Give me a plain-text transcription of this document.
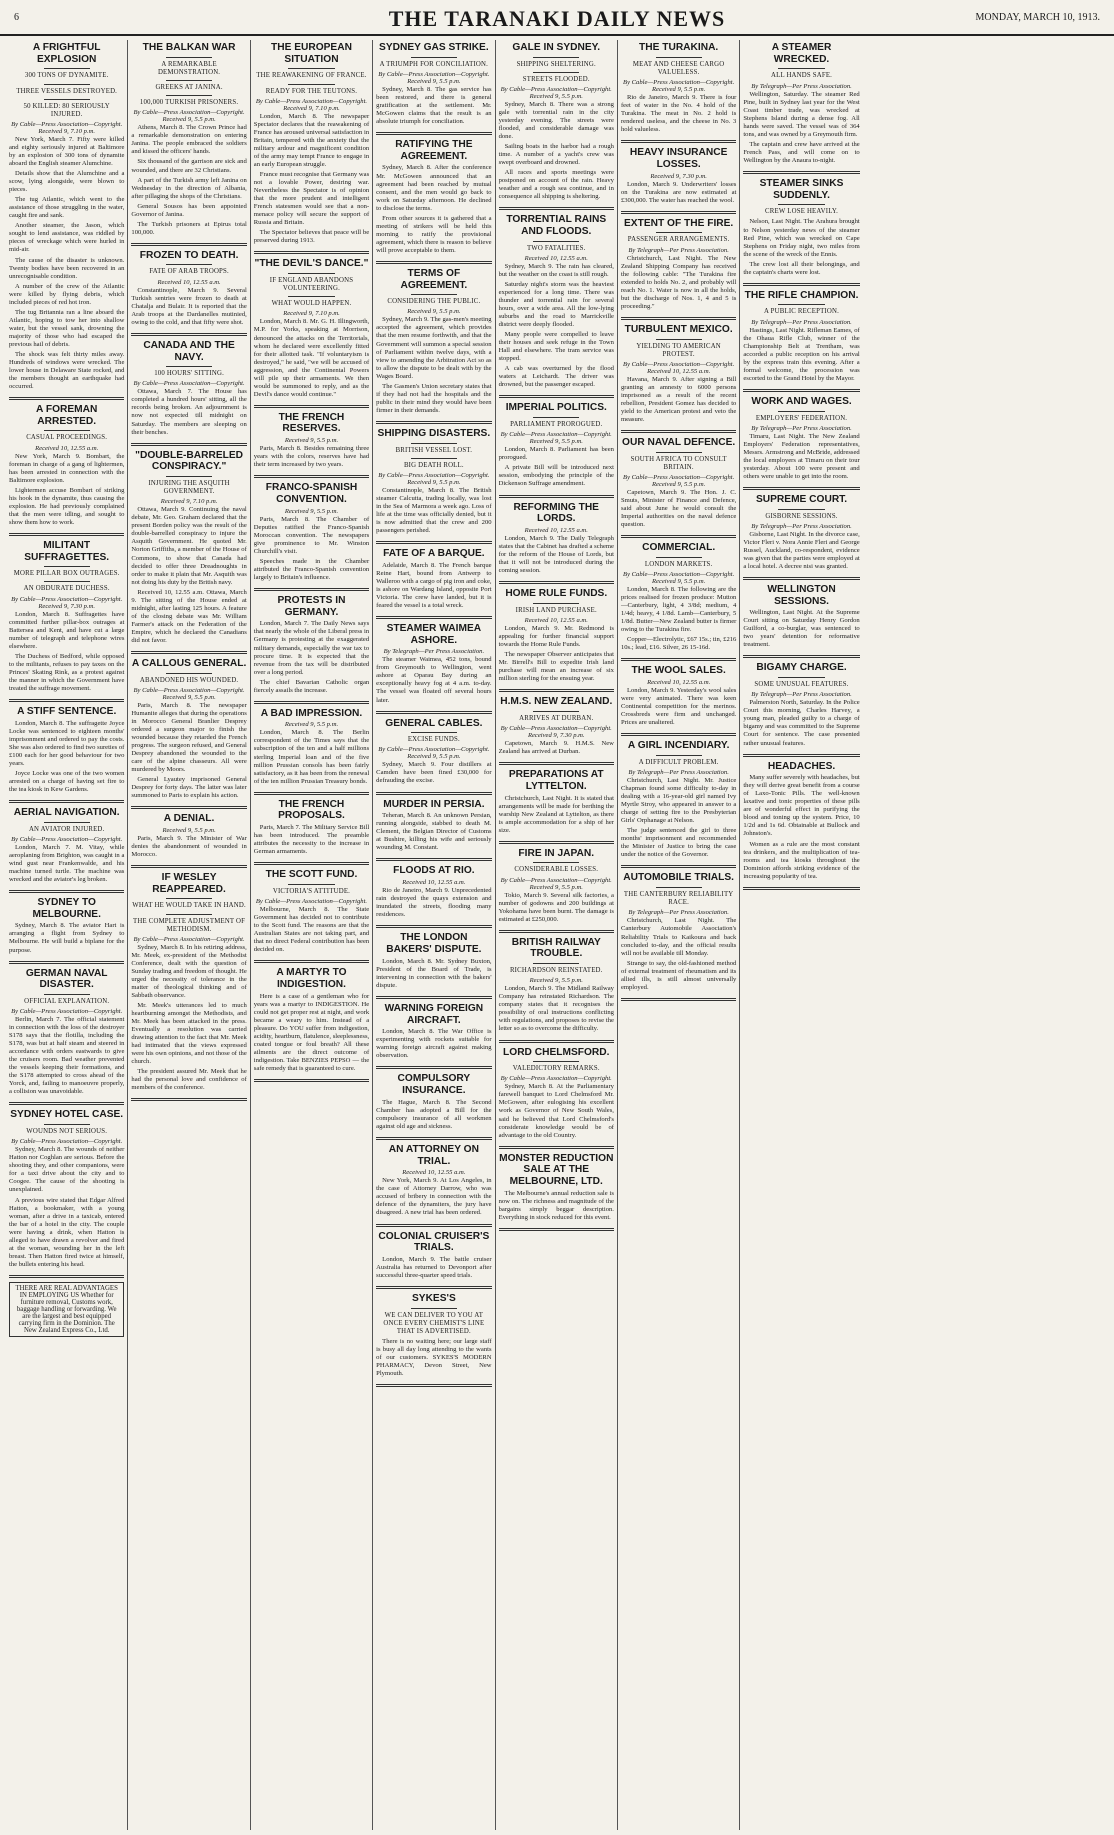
6	THE TARANAKI DAILY NEWS	MONDAY, MARCH 10, 1913.
A FRIGHTFUL EXPLOSION
300 TONS OF DYNAMITE.
THREE VESSELS DESTROYED.
50 KILLED: 80 SERIOUSLY INJURED.
By Cable—Press Association—Copyright. Received 9, 7.10 p.m.

New York, March 7. Fifty were killed and eighty seriously injured at Baltimore by an explosion of 300 tons of dynamite aboard the English steamer Alumchine.

Details show that the Alumchine and a scow, lying alongside, were blown to pieces.

The tug Atlantic, which went to the assistance of those struggling in the water, caught fire and sank.

Another steamer, the Jason, which sought to lend assistance, was riddled by pieces of wreckage which were hurled in mid-air.

The cause of the disaster is unknown. Twenty bodies have been recovered in an unrecognisable condition.

A number of the crew of the Atlantic were killed by flying debris, which included pieces of red hot iron.

The tug Britannia ran a line aboard the Atlantic, hoping to tow her into shallow water, but the vessel sank, drowning the majority of those who had escaped the previous hail of debris.

The shock was felt thirty miles away. Hundreds of windows were wrecked. The lower house in Delaware State rocked, and the members thought an earthquake had occurred.

A FOREMAN ARRESTED.
CASUAL PROCEEDINGS.
Received 10, 12.55 a.m.

New York, March 9. Bombart, the foreman in charge of a gang of lightermen, has been arrested in connection with the Baltimore explosion.

Lightermen accuse Bombart of striking his hook in the dynamite, thus causing the explosion. He had previously complained that the men were idling, and sought to show them how to work.

MILITANT SUFFRAGETTES.
MORE PILLAR BOX OUTRAGES.
AN OBDURATE DUCHESS.
By Cable—Press Association—Copyright. Received 9, 7.30 p.m.

London, March 8. Suffragettes have committed further pillar-box outrages at Battersea and Kent, and have cut a large number of telegraph and telephone wires elsewhere.

The Duchess of Bedford, while opposed to the militants, refuses to pay taxes on the Princes' Skating Rink, as a protest against the manner in which the Government have treated the suffrage movement.

A STIFF SENTENCE.

London, March 8. The suffragette Joyce Locke was sentenced to eighteen months' imprisonment and ordered to pay the costs. She was also ordered to find two sureties of £100 each for her good behaviour for two years.

Joyce Locke was one of the two women arrested on a charge of having set fire to the tea kiosk in Kew Gardens.

AERIAL NAVIGATION.
AN AVIATOR INJURED.
By Cable—Press Association—Copyright.

London, March 7. M. Vitay, while aeroplaning from Brighton, was caught in a wind gust near Frankenwalde, and his machine turned turtle. The machine was wrecked and the aviator's leg broken.

SYDNEY TO MELBOURNE.

Sydney, March 8. The aviator Hart is arranging a flight from Sydney to Melbourne. He will build a biplane for the purpose.

GERMAN NAVAL DISASTER.
OFFICIAL EXPLANATION.
By Cable—Press Association—Copyright.

Berlin, March 7. The official statement in connection with the loss of the destroyer S178 says that the flotilla, including the S178, was but at half steam and steered in accordance with orders eastwards to give the cruisers room. Bad weather prevented the vessels keeping their formations, and the S178 attempted to cross ahead of the Yorck, and, failing to manoeuvre properly, a collision was unavoidable.

SYDNEY HOTEL CASE.
WOUNDS NOT SERIOUS.
By Cable—Press Association—Copyright.

Sydney, March 8. The wounds of neither Hatton nor Coghlan are serious. Before the shooting they, and other companions, were for a taxi drive about the city and to Coogee. The cause of the shooting is unexplained.

A previous wire stated that Edgar Alfred Hatton, a bookmaker, with a young woman, after a drive in a taxicab, entered the bar of a hotel in the city. The couple were having a drink, when Hatton is alleged to have drawn a revolver and fired at the woman, wounding her in the left breast. Then Hatton fired twice at himself, the bullets entering his head.

THERE ARE REAL ADVANTAGES IN EMPLOYING US Whether for furniture removal, Customs work, baggage handling or forwarding. We are the largest and best equipped carrying firm in the Dominion. The New Zealand Express Co., Ltd.
THE BALKAN WAR
A REMARKABLE DEMONSTRATION.
GREEKS AT JANINA.
100,000 TURKISH PRISONERS.
By Cable—Press Association—Copyright. Received 9, 5.5 p.m.

Athens, March 8. The Crown Prince had a remarkable demonstration on entering Janina. The people embraced the soldiers and kissed the officers' hands.

Six thousand of the garrison are sick and wounded, and there are 32 Christians.

A part of the Turkish army left Janina on Wednesday in the direction of Albania, after pillaging the shops of the Christians.

General Sousos has been appointed Governor of Janina.

The Turkish prisoners at Epirus total 100,000.

FROZEN TO DEATH.
FATE OF ARAB TROOPS.
Received 10, 12.55 a.m.

Constantinople, March 9. Several Turkish sentries were frozen to death at Chatalja and Bulair. It is reported that the Arab troops at the Dardanelles mutinied, owing to the cold, and that fifty were shot.

CANADA AND THE NAVY.
100 HOURS' SITTING.
By Cable—Press Association—Copyright.

Ottawa, March 7. The House has completed a hundred hours' sitting, all the records being broken. An adjournment is now not expected till midnight on Saturday. The members are sleeping on their benches.

"DOUBLE-BARRELED CONSPIRACY."
INJURING THE ASQUITH GOVERNMENT.
Received 9, 7.10 p.m.

Ottawa, March 9. Continuing the naval debate, Mr. Geo. Graham declared that the present Borden policy was the result of the double-barrelled conspiracy to injure the Asquith Government. He quoted Mr. Norton Griffiths, a member of the House of Commons, to show that Canada had decided to offer three Dreadnoughts in order to make it plain that Mr. Asquith was not doing his duty by the British navy.

Received 10, 12.55 a.m. Ottawa, March 9. The sitting of the House ended at midnight, after lasting 125 hours. A feature of the closing debate was Mr. William Farmer's attack on the Federation of the Empire, which he declared the Canadians did not favor.

A CALLOUS GENERAL.
ABANDONED HIS WOUNDED.
By Cable—Press Association—Copyright. Received 9, 5.5 p.m.

Paris, March 8. The newspaper Humanite alleges that during the operations in Morocco General Branlier Desprey ordered a surgeon major to finish the wounded because they retarded the French progress. The surgeon refused, and General Desprey abandoned the wounded to the care of the alpine chasseurs. All were murdered by Moors.

General Lyautey imprisoned General Desprey for forty days. The latter was later summoned to Paris to explain his action.

A DENIAL.
Received 9, 5.5 p.m.

Paris, March 9. The Minister of War denies the abandonment of wounded in Morocco.

IF WESLEY REAPPEARED.
WHAT HE WOULD TAKE IN HAND.
THE COMPLETE ADJUSTMENT OF METHODISM.
By Cable—Press Association—Copyright.

Sydney, March 8. In his retiring address, Mr. Meek, ex-president of the Methodist Conference, dealt with the question of Sunday trading and freedom of thought. He urged the necessity of tolerance in the matter of theological thinking and of Sabbath observance.

Mr. Meek's utterances led to much heartburning amongst the Methodists, and Mr. Meek has been attacked in the press. Eventually a resolution was carried drawing attention to the fact that Mr. Meek had intimated that the views expressed were his own opinions, and not those of the church.

The president assured Mr. Meek that he had the personal love and confidence of members of the conference.

THE EUROPEAN SITUATION
THE REAWAKENING OF FRANCE.
READY FOR THE TEUTONS.
By Cable—Press Association—Copyright. Received 9, 7.10 p.m.

London, March 8. The newspaper Spectator declares that the reawakening of France has aroused universal satisfaction in Britain, tempered with the anxiety that the military ardour and magnificent condition of the army may tempt France to engage in an early European struggle.

France must recognise that Germany was not a lovable Power, desiring war. Nevertheless the Spectator is of opinion that the more prudent and intelligent French statesmen would see that a non-menace policy will secure the support of Russia and Britain.

The Spectator believes that peace will be preserved during 1913.

"THE DEVIL'S DANCE."
IF ENGLAND ABANDONS VOLUNTEERING.
WHAT WOULD HAPPEN.
Received 9, 7.10 p.m.

London, March 8. Mr. G. H. Illingworth, M.P. for Yorks, speaking at Morrison, denounced the attacks on the Territorials, whom he declared were excellently fitted for their allotted task. "If voluntaryism is destroyed," he said, "we will be accused of aggression, and the Continental Powers will pile up their armaments. We then would be summoned to reply, and as the Devil's dance would continue."

THE FRENCH RESERVES.
Received 9, 5.5 p.m.

Paris, March 8. Besides remaining three years with the colors, reserves have had their term increased by two years.

FRANCO-SPANISH CONVENTION.
Received 9, 5.5 p.m.

Paris, March 8. The Chamber of Deputies ratified the Franco-Spanish Moroccan convention. The newspapers give prominence to Mr. Winston Churchill's visit.

Speeches made in the Chamber attributed the Franco-Spanish convention largely to Britain's influence.

PROTESTS IN GERMANY.

London, March 7. The Daily News says that nearly the whole of the Liberal press in Germany is protesting at the exaggerated military demands, especially the war tax to procure time. It is expected that the revenue from the tax will be distributed over a long period.

The chief Bavarian Catholic organ fiercely assails the increase.

A BAD IMPRESSION.
Received 9, 5.5 p.m.

London, March 8. The Berlin correspondent of the Times says that the subscription of the ten and a half millions sterling Imperial loan and of the five million Prussian consols has been fairly satisfactory, as it has been from the renewal of the ten million Prussian Treasury bonds.

THE FRENCH PROPOSALS.

Paris, March 7. The Military Service Bill has been introduced. The preamble attributes the necessity to the increase in German armaments.

THE SCOTT FUND.
VICTORIA'S ATTITUDE.
By Cable—Press Association—Copyright.

Melbourne, March 8. The State Government has decided not to contribute to the Scott fund. The reasons are that the Australian States are not taking part, and that no direct Federal contribution has been decided on.

A MARTYR TO INDIGESTION.

Here is a case of a gentleman who for years was a martyr to INDIGESTION. He could not get proper rest at night, and work became a weary to him. Instead of a pleasure. Do YOU suffer from indigestion, acidity, heartburn, flatulence, sleeplessness, coated tongue or foul breath? All these ailments are the direct outcome of indigestion. Take BENZIES PEPSO — the safe remedy that is guaranteed to cure.

SYDNEY GAS STRIKE.
A TRIUMPH FOR CONCILIATION.
By Cable—Press Association—Copyright. Received 9, 5.5 p.m.

Sydney, March 8. The gas service has been restored, and there is general gratification at the settlement. Mr. McGowen claims that the result is an absolute triumph for conciliation.

RATIFYING THE AGREEMENT.

Sydney, March 8. After the conference Mr. McGowen announced that an agreement had been reached by mutual consent, and the men would go back to work on Saturday afternoon. He declined to disclose the terms.

From other sources it is gathered that a meeting of strikers will be held this morning to ratify the provisional agreement, which there is reason to believe will prove acceptable to them.

TERMS OF AGREEMENT.
CONSIDERING THE PUBLIC.
Received 9, 5.5 p.m.

Sydney, March 9. The gas-men's meeting accepted the agreement, which provides that the men resume forthwith, and that the Government will summon a special session of Parliament within twelve days, with a view to amending the Arbitration Act so as to allow the dispute to be dealt with by the Wages Board.

The Gasmen's Union secretary states that if they had not had the hospitals and the public in their mind they would have been firmer in their demands.

SHIPPING DISASTERS.
BRITISH VESSEL LOST.
BIG DEATH ROLL.
By Cable—Press Association—Copyright. Received 9, 5.5 p.m.

Constantinople, March 8. The British steamer Calcutta, trading locally, was lost in the Sea of Marmora a week ago. Loss of life at the time was officially denied, but it is now admitted that the crew and 200 passengers perished.

FATE OF A BARQUE.

Adelaide, March 8. The French barque Reine Hart, bound from Antwerp to Walleroo with a cargo of pig iron and coke, is ashore on Wardang Island, opposite Port Victoria. The crew have landed, but it is feared the vessel is a total wreck.

STEAMER WAIMEA ASHORE.
By Telegraph—Per Press Association.

The steamer Waimea, 452 tons, bound from Greymouth to Wellington, went ashore at Oparau Bay during an exceptionally heavy fog at 4 a.m. to-day. The vessel was floated off several hours later.

GENERAL CABLES.
EXCISE FUNDS.
By Cable—Press Association—Copyright. Received 9, 5.5 p.m.

Sydney, March 9. Four distillers at Camden have been fined £30,000 for defrauding the excise.

MURDER IN PERSIA.

Teheran, March 8. An unknown Persian, running alongside, stabbed to death M. Clement, the Belgian Director of Customs at Bushire, killing his wife and seriously wounding M. Constant.

FLOODS AT RIO.
Received 10, 12.55 a.m.

Rio de Janeiro, March 9. Unprecedented rain destroyed the quays extension and inundated the streets, flooding many residences.

THE LONDON BAKERS' DISPUTE.

London, March 8. Mr. Sydney Buxton, President of the Board of Trade, is intervening in connection with the bakers' dispute.

WARNING FOREIGN AIRCRAFT.

London, March 8. The War Office is experimenting with rockets suitable for warning foreign aircraft against making observation.

COMPULSORY INSURANCE.

The Hague, March 8. The Second Chamber has adopted a Bill for the compulsory insurance of all workmen against old age and sickness.

AN ATTORNEY ON TRIAL.
Received 10, 12.55 a.m.

New York, March 9. At Los Angeles, in the case of Attorney Darrow, who was accused of bribery in connection with the defence of the dynamiters, the jury have disagreed. A new trial has been ordered.

COLONIAL CRUISER'S TRIALS.

London, March 9. The battle cruiser Australia has returned to Devonport after successful three-quarter speed trials.

SYKES'S
WE CAN DELIVER TO YOU AT ONCE EVERY CHEMIST'S LINE THAT IS ADVERTISED.

There is no waiting here; our large staff is busy all day long attending to the wants of our customers. SYKES'S MODERN PHARMACY, Devon Street, New Plymouth.

GALE IN SYDNEY.
SHIPPING SHELTERING.
STREETS FLOODED.
By Cable—Press Association—Copyright. Received 9, 5.5 p.m.

Sydney, March 8. There was a strong gale with torrential rain in the city yesterday evening. The streets were flooded, and considerable damage was done.

Sailing boats in the harbor had a rough time. A number of a yacht's crew was swept overboard and drowned.

All races and sports meetings were postponed on account of the rain. Heavy weather and a rough sea continue, and in consequence all shipping is sheltering.

TORRENTIAL RAINS AND FLOODS.
TWO FATALITIES.
Received 10, 12.55 a.m.

Sydney, March 9. The rain has cleared, but the weather on the coast is still rough.

Saturday night's storm was the heaviest experienced for a long time. There was thunder and torrential rain for several hours, over a wide area. All the low-lying suburbs and the road to Marrickville district were deeply flooded.

Many people were compelled to leave their houses and seek refuge in the Town Hall and elsewhere. The tram service was stopped.

A cab was overturned by the flood waters at Leichardt. The driver was drowned, but the passenger escaped.

IMPERIAL POLITICS.
PARLIAMENT PROROGUED.
By Cable—Press Association—Copyright. Received 9, 5.5 p.m.

London, March 8. Parliament has been prorogued.

A private Bill will be introduced next session, embodying the principle of the Dickenson Suffrage amendment.

REFORMING THE LORDS.
Received 10, 12.55 a.m.

London, March 9. The Daily Telegraph states that the Cabinet has drafted a scheme for the reform of the House of Lords, but that it will not be introduced during the coming session.

HOME RULE FUNDS.
IRISH LAND PURCHASE.
Received 10, 12.55 a.m.

London, March 9. Mr. Redmond is appealing for further financial support towards the Home Rule Funds.

The newspaper Observer anticipates that Mr. Birrell's Bill to expedite Irish land purchase will mean an increase of six million sterling for the ensuing year.

H.M.S. NEW ZEALAND.
ARRIVES AT DURBAN.
By Cable—Press Association—Copyright. Received 9, 7.30 p.m.

Capetown, March 9. H.M.S. New Zealand has arrived at Durban.

PREPARATIONS AT LYTTELTON.

Christchurch, Last Night. It is stated that arrangements will be made for berthing the warship New Zealand at Lyttelton, as there is ample accommodation for a ship of her size.

FIRE IN JAPAN.
CONSIDERABLE LOSSES.
By Cable—Press Association—Copyright. Received 9, 5.5 p.m.

Tokio, March 9. Several silk factories, a number of godowns and 200 buildings at Yokohama have been burnt. The damage is estimated at £250,000.

BRITISH RAILWAY TROUBLE.
RICHARDSON REINSTATED.
Received 9, 5.5 p.m.

London, March 9. The Midland Railway Company has reinstated Richardson. The company states that it recognises the possibility of oral instructions conflicting with regulations, and proposes to revise the letter so as to overcome the difficulty.

LORD CHELMSFORD.
VALEDICTORY REMARKS.
By Cable—Press Association—Copyright.

Sydney, March 8. At the Parliamentary farewell banquet to Lord Chelmsford Mr. McGowen, after eulogising his excellent work as Governor of New South Wales, said he believed that Lord Chelmsford's considerate knowledge would be of advantage to the old Country.

MONSTER REDUCTION SALE AT THE MELBOURNE, LTD.

The Melbourne's annual reduction sale is now on. The richness and magnitude of the bargains simply beggar description. Everything in stock reduced for this event.

THE TURAKINA.
MEAT AND CHEESE CARGO VALUELESS.
By Cable—Press Association—Copyright. Received 9, 5.5 p.m.

Rio de Janeiro, March 9. There is four feet of water in the No. 4 hold of the Turakina. The meat in No. 2 hold is rendered useless, and the cheese in No. 3 hold valueless.

HEAVY INSURANCE LOSSES.
Received 9, 7.30 p.m.

London, March 9. Underwriters' losses on the Turakina are now estimated at £300,000. The water has reached the wool.

EXTENT OF THE FIRE.
PASSENGER ARRANGEMENTS.
By Telegraph—Per Press Association.

Christchurch, Last Night. The New Zealand Shipping Company has received the following cable: "The Turakina fire extended to holds No. 2, and probably will reach No. 1. Water is now in all the holds, but the discharge of Nos. 1, 4 and 5 is proceeding."

TURBULENT MEXICO.
YIELDING TO AMERICAN PROTEST.
By Cable—Press Association—Copyright. Received 10, 12.55 a.m.

Havana, March 9. After signing a Bill granting an amnesty to 6000 persons imprisoned as a result of the recent rebellion, President Gomez has decided to yield to the American protest and veto the measure.

OUR NAVAL DEFENCE.
SOUTH AFRICA TO CONSULT BRITAIN.
By Cable—Press Association—Copyright. Received 9, 5.5 p.m.

Capetown, March 9. The Hon. J. C. Smuts, Minister of Finance and Defence, said about June he would consult the Imperial authorities on the naval defence question.

COMMERCIAL.
LONDON MARKETS.
By Cable—Press Association—Copyright. Received 9, 5.5 p.m.

London, March 8. The following are the prices realised for frozen produce: Mutton—Canterbury, light, 4 3/8d; medium, 4 1/4d; heavy, 4 1/8d. Lamb—Canterbury, 5 1/8d. Butter—New Zealand butter is firmer owing to the Turakina fire.

Copper—Electrolytic, £67 15s.; tin, £216 10s.; lead, £16. Silver, 26 15-16d.

THE WOOL SALES.
Received 10, 12.55 a.m.

London, March 9. Yesterday's wool sales were very animated. There was keen Continental competition for the merinos. Crossbreds were firm and unchanged. Prices are unaltered.

A GIRL INCENDIARY.
A DIFFICULT PROBLEM.
By Telegraph—Per Press Association.

Christchurch, Last Night. Mr. Justice Chapman found some difficulty to-day in dealing with a 16-year-old girl named Ivy Myrtle Stroy, who appeared in answer to a charge of setting fire to the Presbyterian Girls' Orphanage at Nelson.

The judge sentenced the girl to three months' imprisonment and recommended the Minister of Justice to bring the case under the notice of the Governor.

AUTOMOBILE TRIALS.
THE CANTERBURY RELIABILITY RACE.
By Telegraph—Per Press Association.

Christchurch, Last Night. The Canterbury Automobile Association's Reliability Trials to Kaikoura and back concluded to-day, and the official results will not be available till Monday.

Strange to say, the old-fashioned method of external treatment of rheumatism and its allied ills, is still almost universally employed.

A STEAMER WRECKED.
ALL HANDS SAFE.
By Telegraph—Per Press Association.

Wellington, Saturday. The steamer Red Pine, built in Sydney last year for the West Coast timber trade, was wrecked at Stephens Island during a dense fog. All hands were saved. The vessel was of 364 tons, and was owned by a Greymouth firm.

The captain and crew have arrived at the French Pass, and will come on to Wellington by the Anaura to-night.

STEAMER SINKS SUDDENLY.
CREW LOSE HEAVILY.

Nelson, Last Night. The Arahura brought to Nelson yesterday news of the steamer Red Pine, which was wrecked on Cape Stephens on Friday night, two miles from the scene of the wreck of the Ennis.

The crew lost all their belongings, and the captain's charts were lost.

THE RIFLE CHAMPION.
A PUBLIC RECEPTION.
By Telegraph—Per Press Association.

Hastings, Last Night. Rifleman Eames, of the Ohaua Rifle Club, winner of the Championship Belt at Trentham, was accorded a public reception on his arrival by the express train this evening. After a formal welcome, the procession was escorted to the Grand Hotel by the Mayor.

WORK AND WAGES.
EMPLOYERS' FEDERATION.
By Telegraph—Per Press Association.

Timaru, Last Night. The New Zealand Employers' Federation representatives, Messrs. Armstrong and McBride, addressed the local employers at Timaru on their tour yesterday. About 100 were present and others were unable to get into the room.

SUPREME COURT.
GISBORNE SESSIONS.
By Telegraph—Per Press Association.

Gisborne, Last Night. In the divorce case, Victor Fleri v. Nora Annie Fleri and George Russel, Auckland, co-respondent, evidence was given that the parties were employed at a local hotel. A decree nisi was granted.

WELLINGTON SESSIONS.

Wellington, Last Night. At the Supreme Court sitting on Saturday Henry Gordon Guilford, a co-burglar, was sentenced to two years' detention for reformative treatment.

BIGAMY CHARGE.
SOME UNUSUAL FEATURES.
By Telegraph—Per Press Association.

Palmerston North, Saturday. In the Police Court this morning, Charles Harvey, a young man, pleaded guilty to a charge of bigamy and was committed to the Supreme Court for sentence. The case presented rather unusual features.

HEADACHES.

Many suffer severely with headaches, but they will derive great benefit from a course of Laxo-Tonic Pills. The well-known laxative and tonic properties of these pills are of wonderful effect in purifying the blood and toning up the system. Price, 10 1/2d and 1s 6d. Obtainable at Bullock and Johnston's.

Women as a rule are the most constant tea drinkers, and the multiplication of tea-rooms and tea kiosks throughout the Dominion affords striking evidence of the increasing popularity of tea.
